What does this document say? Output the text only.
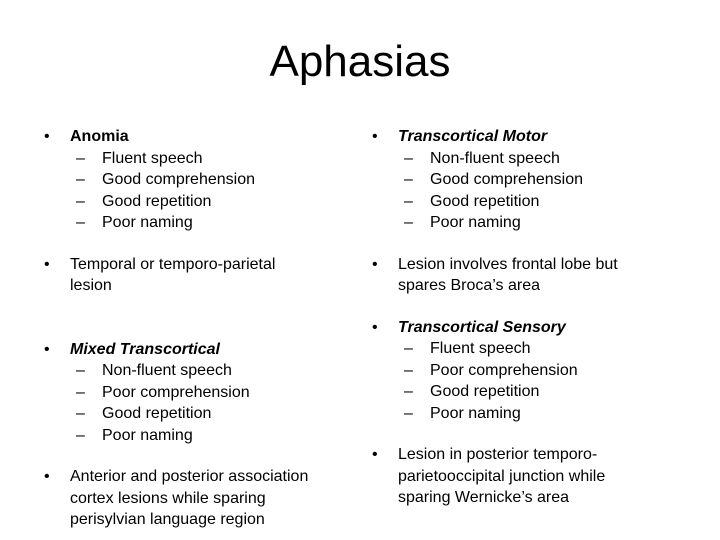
Aphasias
• Anomia
– Fluent speech
– Good comprehension
– Good repetition
– Poor naming
• Temporal or temporo-parietal
lesion
• Mixed Transcortical
– Non-fluent speech
– Poor comprehension
– Good repetition
– Poor naming
• Anterior and posterior association
cortex lesions while sparing
perisylvian language region
• Transcortical Motor
– Non-fluent speech
– Good comprehension
– Good repetition
– Poor naming
• Lesion involves frontal lobe but
spares Broca’s area
• Transcortical Sensory
– Fluent speech
– Poor comprehension
– Good repetition
– Poor naming
• Lesion in posterior temporo-
parietooccipital junction while
sparing Wernicke’s area
